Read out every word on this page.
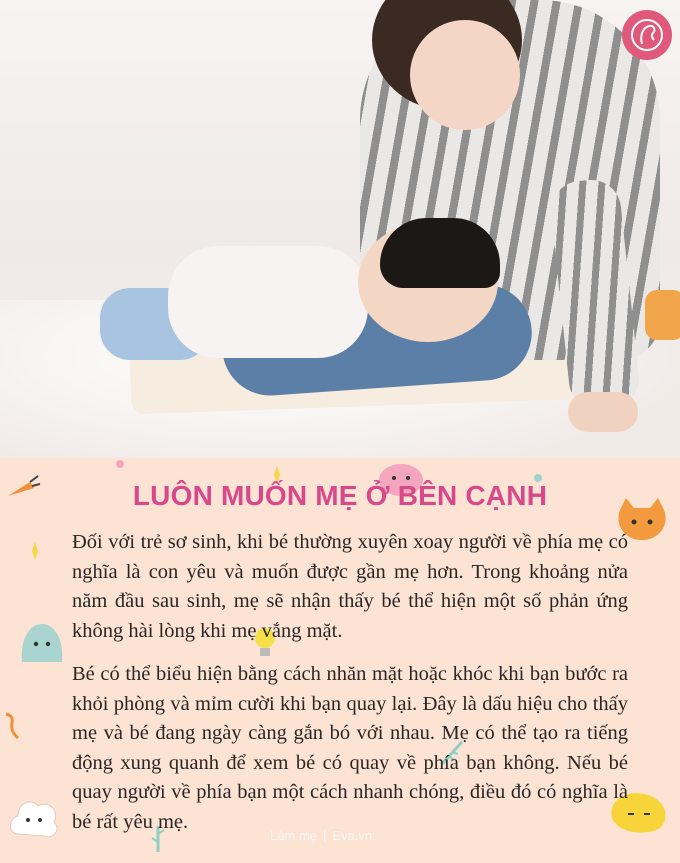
LUÔN MUỐN MẸ Ở BÊN CẠNH

Đối với trẻ sơ sinh, khi bé thường xuyên xoay người về phía mẹ có nghĩa là con yêu và muốn được gần mẹ hơn. Trong khoảng nửa năm đầu sau sinh, mẹ sẽ nhận thấy bé thể hiện một số phản ứng không hài lòng khi mẹ vắng mặt.

Bé có thể biểu hiện bằng cách nhăn mặt hoặc khóc khi bạn bước ra khỏi phòng và mỉm cười khi bạn quay lại. Đây là dấu hiệu cho thấy mẹ và bé đang ngày càng gắn bó với nhau. Mẹ có thể tạo ra tiếng động xung quanh để xem bé có quay về phía bạn không. Nếu bé quay người về phía bạn một cách nhanh chóng, điều đó có nghĩa là bé rất yêu mẹ.

Làm mẹ | Eva.vn
